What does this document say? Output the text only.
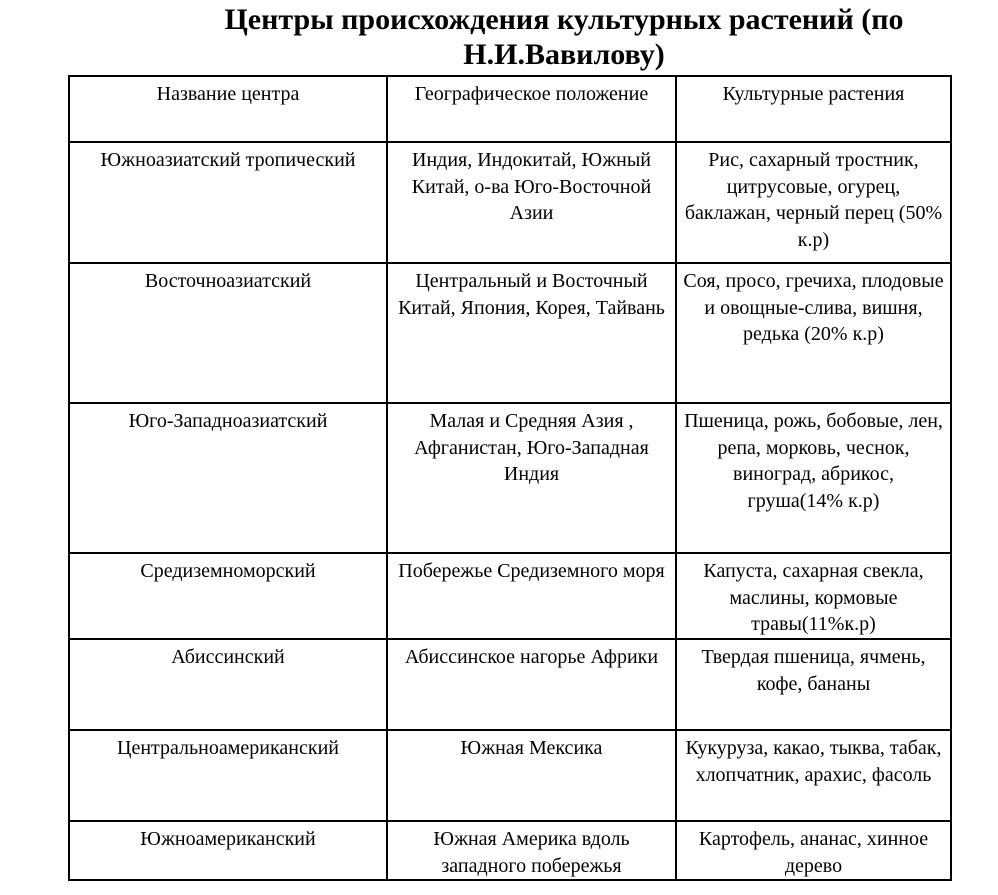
Центры происхождения культурных растений (по Н.И.Вавилову)
Название центра	Географическое положение	Культурные растения
Южноазиатский тропический	Индия, Индокитай, Южный Китай, о-ва Юго-Восточной Азии	Рис, сахарный тростник, цитрусовые, огурец, баклажан, черный перец (50% к.р)
Восточноазиатский	Центральный и Восточный Китай, Япония, Корея, Тайвань	Соя, просо, гречиха, плодовые и овощные-слива, вишня, редька (20% к.р)
Юго-Западноазиатский	Малая и Средняя Азия , Афганистан, Юго-Западная Индия	Пшеница, рожь, бобовые, лен, репа, морковь, чеснок, виноград, абрикос, груша(14% к.р)
Средиземноморский	Побережье Средиземного моря	Капуста, сахарная свекла, маслины, кормовые травы(11%к.р)
Абиссинский	Абиссинское нагорье Африки	Твердая пшеница, ячмень, кофе, бананы
Центральноамериканский	Южная Мексика	Кукуруза, какао, тыква, табак, хлопчатник, арахис, фасоль
Южноамериканский	Южная Америка вдоль западного побережья	Картофель, ананас, хинное дерево
